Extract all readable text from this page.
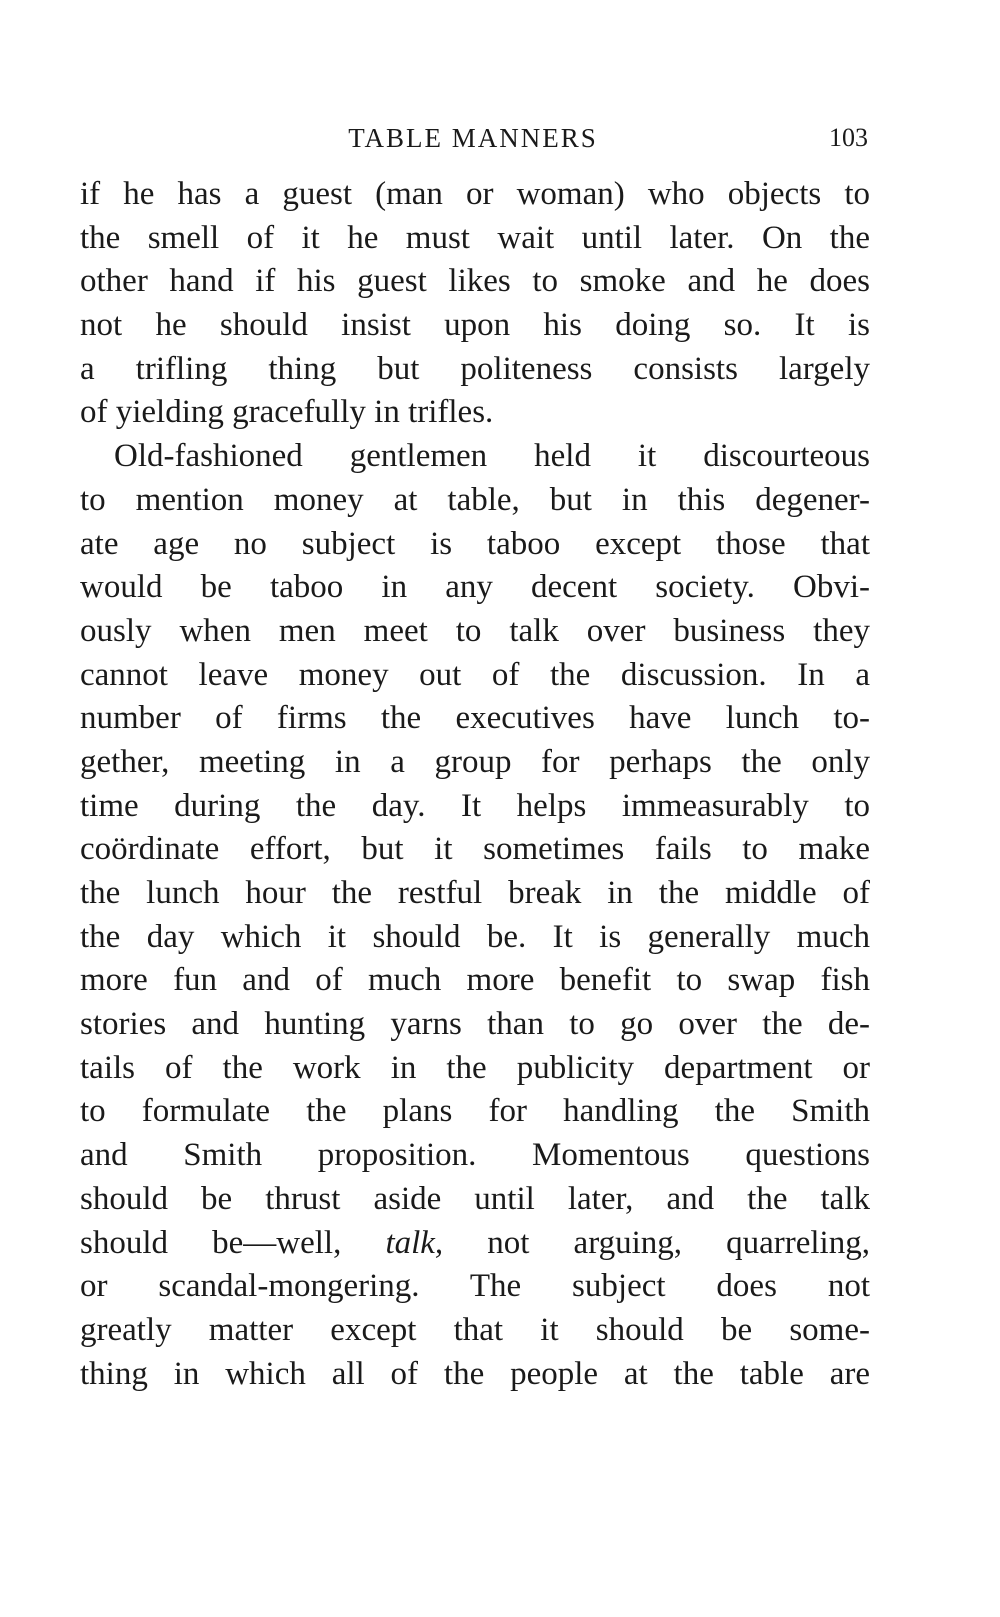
TABLE MANNERS	103
if he has a guest (man or woman) who objects to
the smell of it he must wait until later. On the
other hand if his guest likes to smoke and he does
not he should insist upon his doing so. It is
a trifling thing but politeness consists largely
of yielding gracefully in trifles.
Old-fashioned gentlemen held it discourteous
to mention money at table, but in this degener-
ate age no subject is taboo except those that
would be taboo in any decent society. Obvi-
ously when men meet to talk over business they
cannot leave money out of the discussion. In a
number of firms the executives have lunch to-
gether, meeting in a group for perhaps the only
time during the day. It helps immeasurably to
coördinate effort, but it sometimes fails to make
the lunch hour the restful break in the middle of
the day which it should be. It is generally much
more fun and of much more benefit to swap fish
stories and hunting yarns than to go over the de-
tails of the work in the publicity department or
to formulate the plans for handling the Smith
and Smith proposition. Momentous questions
should be thrust aside until later, and the talk
should be—well, talk, not arguing, quarreling,
or scandal-mongering. The subject does not
greatly matter except that it should be some-
thing in which all of the people at the table are
